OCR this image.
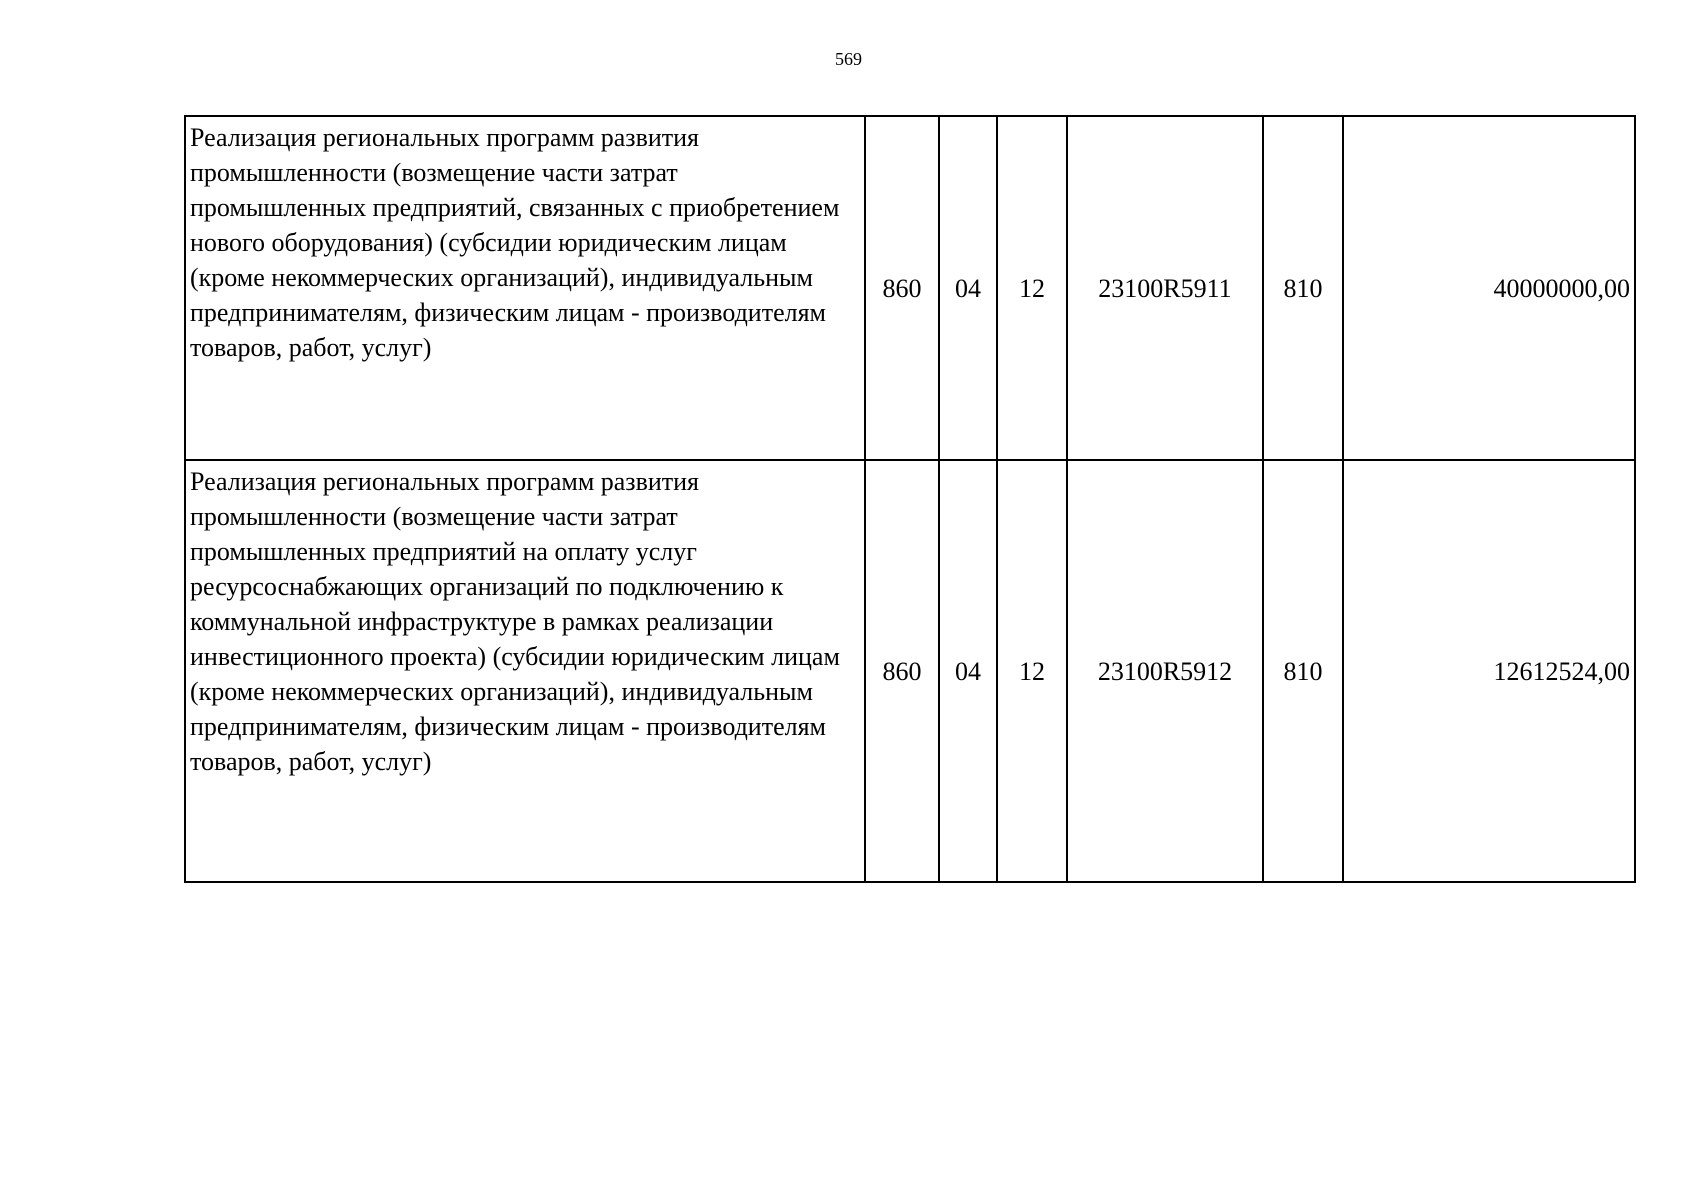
569
Реализация региональных программ развития промышленности (возмещение части затрат промышленных предприятий, связанных с приобретением нового оборудования) (субсидии юридическим лицам (кроме некоммерческих организаций), индивидуальным предпринимателям, физическим лицам - производителям товаров, работ, услуг)	860	04	12	23100R5911	810	40000000,00
Реализация региональных программ развития промышленности (возмещение части затрат промышленных предприятий на оплату услуг ресурсоснабжающих организаций по подключению к коммунальной инфраструктуре в рамках реализации инвестиционного проекта) (субсидии юридическим лицам (кроме некоммерческих организаций), индивидуальным предпринимателям, физическим лицам - производителям товаров, работ, услуг)	860	04	12	23100R5912	810	12612524,00
